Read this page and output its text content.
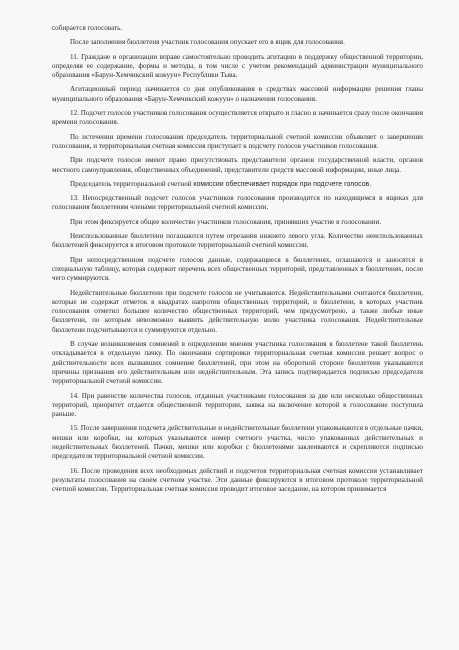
собирается голосовать.

После заполнения бюллетеня участник голосования опускает его в ящик для голосования.

11. Граждане и организации вправе самостоятельно проводить агитацию в поддержку общественной территории, определяя ее содержание, формы и методы, в том числе с учетом рекомендаций администрации муниципального образования «Барун-Хемчикский кожуун» Республики Тыва.

Агитационный период начинается со дня опубликования в средствах массовой информации решения главы муниципального образования «Барун-Хемчикский кожуун» о назначении голосования.

12. Подсчет голосов участников голосования осуществляется открыто и гласно и начинается сразу после окончания времени голосования.

По истечении времени голосования председатель территориальной счетной комиссии объявляет о завершении голосования, и территориальная счетная комиссия приступает к подсчету голосов участников голосования.

При подсчете голосов имеют право присутствовать представители органов государственной власти, органов местного самоуправления, общественных объединений, представители средств массовой информации, иные лица.

Председатель территориальной счетной комиссии обеспечивает порядок при подсчете голосов.

13. Непосредственный подсчет голосов участников голосования производится по находящимся в ящиках для голосования бюллетеням членами территориальной счетной комиссии.

При этом фиксируется общее количество участников голосования, принявших участие в голосовании.

Неиспользованные бюллетени погашаются путем отрезания нижнего левого угла. Количество неиспользованных бюллетеней фиксируется в итоговом протоколе территориальной счетной комиссии.

При непосредственном подсчете голосов данные, содержащиеся в бюллетенях, оглашаются и заносятся в специальную таблицу, которая содержит перечень всех общественных территорий, представленных в бюллетенях, после чего суммируются.

Недействительные бюллетени при подсчете голосов не учитываются. Недействительными считаются бюллетени, которые не содержат отметок в квадратах напротив общественных территорий, и бюллетени, в которых участник голосования отметил большее количество общественных территорий, чем предусмотрено, а также любые иные бюллетени, по которым невозможно выявить действительную волю участника голосования. Недействительные бюллетени подсчитываются и суммируются отдельно.

В случае возникновения сомнений в определении мнения участника голосования в бюллетене такой бюллетень откладывается в отдельную пачку. По окончании сортировки территориальная счетная комиссия решает вопрос о действительности всех вызвавших сомнение бюллетеней, при этом на оборотной стороне бюллетеня указываются причины признания его действительным или недействительным. Эта запись подтверждается подписью председателя территориальной счетной комиссии.

14. При равенстве количества голосов, отданных участниками голосования за две или несколько общественных территорий, приоритет отдается общественной территории, заявка на включение которой в голосование поступила раньше.

15. После завершения подсчета действительные и недействительные бюллетени упаковываются в отдельные пачки, мешки или коробки, на которых указываются номер счетного участка, число упакованных действительных и недействительных бюллетеней. Пачки, мешки или коробки с бюллетенями заклеиваются и скрепляются подписью председателя территориальной счетной комиссии.

16. После проведения всех необходимых действий и подсчетов территориальная счетная комиссия устанавливает результаты голосования на своем счетном участке. Эти данные фиксируются в итоговом протоколе территориальной счетной комиссии. Территориальная счетная комиссия проводит итоговое заседание, на котором принимается
